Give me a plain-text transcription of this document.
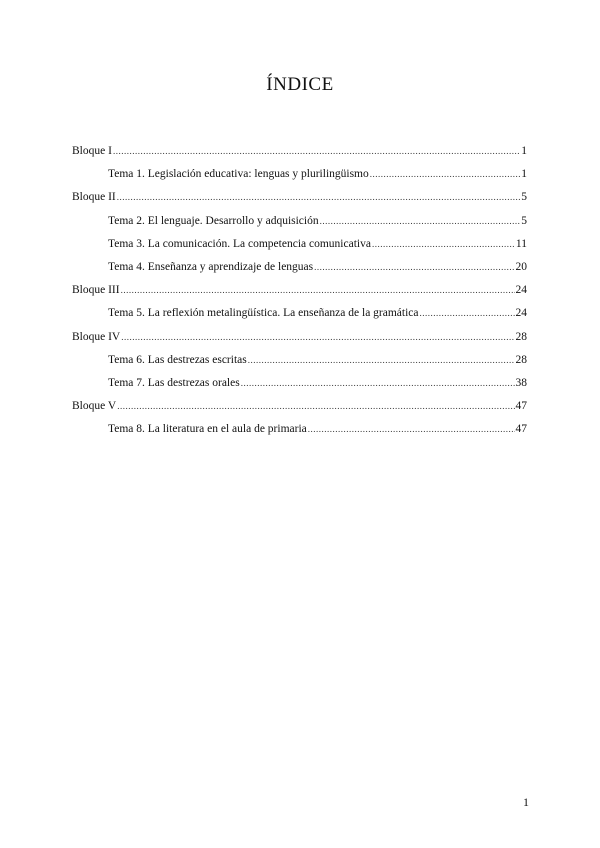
ÍNDICE
Bloque I .....	1
Tema 1. Legislación educativa: lenguas y plurilingüismo .....	1
Bloque II .....	5
Tema 2. El lenguaje. Desarrollo y adquisición .....	5
Tema 3. La comunicación. La competencia comunicativa .....	11
Tema 4. Enseñanza y aprendizaje de lenguas .....	20
Bloque III .....	24
Tema 5. La reflexión metalingüística. La enseñanza de la gramática .....	24
Bloque IV .....	28
Tema 6. Las destrezas escritas .....	28
Tema 7. Las destrezas orales .....	38
Bloque V .....	47
Tema 8. La literatura en el aula de primaria .....	47
1
